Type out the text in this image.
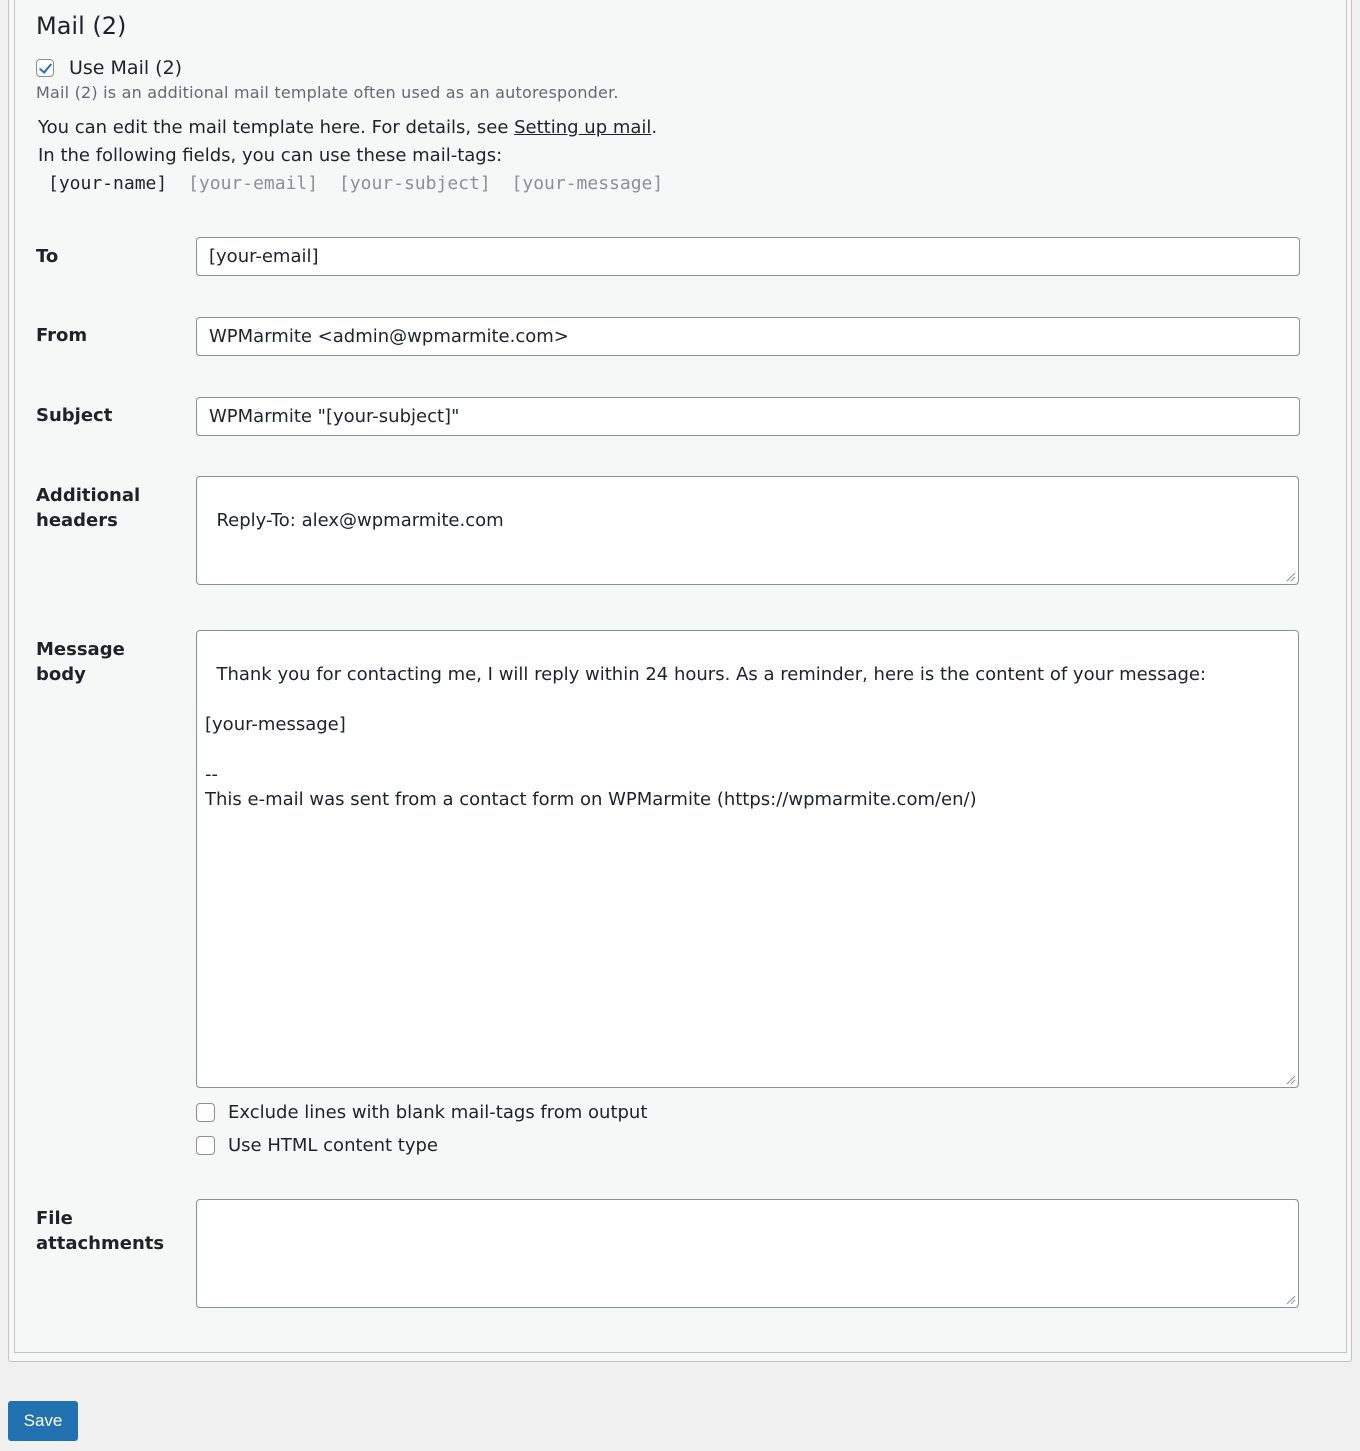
Mail (2)
Use Mail (2)
Mail (2) is an additional mail template often used as an autoresponder.
You can edit the mail template here. For details, see Setting up mail.
In the following fields, you can use these mail-tags:
[your-name] [your-email] [your-subject] [your-message]
To	[your-email]
From	WPMarmite <admin@wpmarmite.com>
Subject	WPMarmite "[your-subject]"
Additional
headers	Reply-To: alex@wpmarmite.com

Message
body	Thank you for contacting me, I will reply within 24 hours. As a reminder, here is the content of your message:

[your-message]

--
This e-mail was sent from a contact form on WPMarmite (https://wpmarmite.com/en/)

Exclude lines with blank mail-tags from output
Use HTML content type
File
attachments

Save
